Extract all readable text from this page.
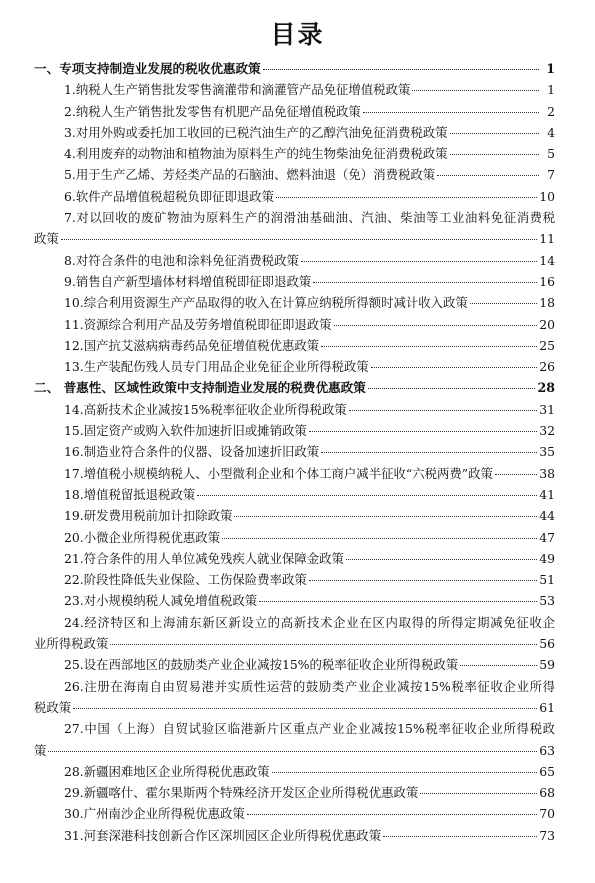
目录
一、专项支持制造业发展的税收优惠政策	1
1.纳税人生产销售批发零售滴灌带和滴灌管产品免征增值税政策	1
2.纳税人生产销售批发零售有机肥产品免征增值税政策	2
3.对用外购或委托加工收回的已税汽油生产的乙醇汽油免征消费税政策	4
4.利用废弃的动物油和植物油为原料生产的纯生物柴油免征消费税政策	5
5.用于生产乙烯、芳烃类产品的石脑油、燃料油退（免）消费税政策	7
6.软件产品增值税超税负即征即退政策	10
7.对以回收的废矿物油为原料生产的润滑油基础油、汽油、柴油等工业油料免征消费税
政策	11
8.对符合条件的电池和涂料免征消费税政策	14
9.销售自产新型墙体材料增值税即征即退政策	16
10.综合利用资源生产产品取得的收入在计算应纳税所得额时减计收入政策	18
11.资源综合利用产品及劳务增值税即征即退政策	20
12.国产抗艾滋病病毒药品免征增值税优惠政策	25
13.生产装配伤残人员专门用品企业免征企业所得税政策	26
二、 普惠性、区域性政策中支持制造业发展的税费优惠政策	28
14.高新技术企业减按15%税率征收企业所得税政策	31
15.固定资产或购入软件加速折旧或摊销政策	32
16.制造业符合条件的仪器、设备加速折旧政策	35
17.增值税小规模纳税人、小型微利企业和个体工商户减半征收“六税两费”政策	38
18.增值税留抵退税政策	41
19.研发费用税前加计扣除政策	44
20.小微企业所得税优惠政策	47
21.符合条件的用人单位减免残疾人就业保障金政策	49
22.阶段性降低失业保险、工伤保险费率政策	51
23.对小规模纳税人减免增值税政策	53
24.经济特区和上海浦东新区新设立的高新技术企业在区内取得的所得定期减免征收企
业所得税政策	56
25.设在西部地区的鼓励类产业企业减按15%的税率征收企业所得税政策	59
26.注册在海南自由贸易港并实质性运营的鼓励类产业企业减按15%税率征收企业所得
税政策	61
27.中国（上海）自贸试验区临港新片区重点产业企业减按15%税率征收企业所得税政
策	63
28.新疆困难地区企业所得税优惠政策	65
29.新疆喀什、霍尔果斯两个特殊经济开发区企业所得税优惠政策	68
30.广州南沙企业所得税优惠政策	70
31.河套深港科技创新合作区深圳园区企业所得税优惠政策	73
